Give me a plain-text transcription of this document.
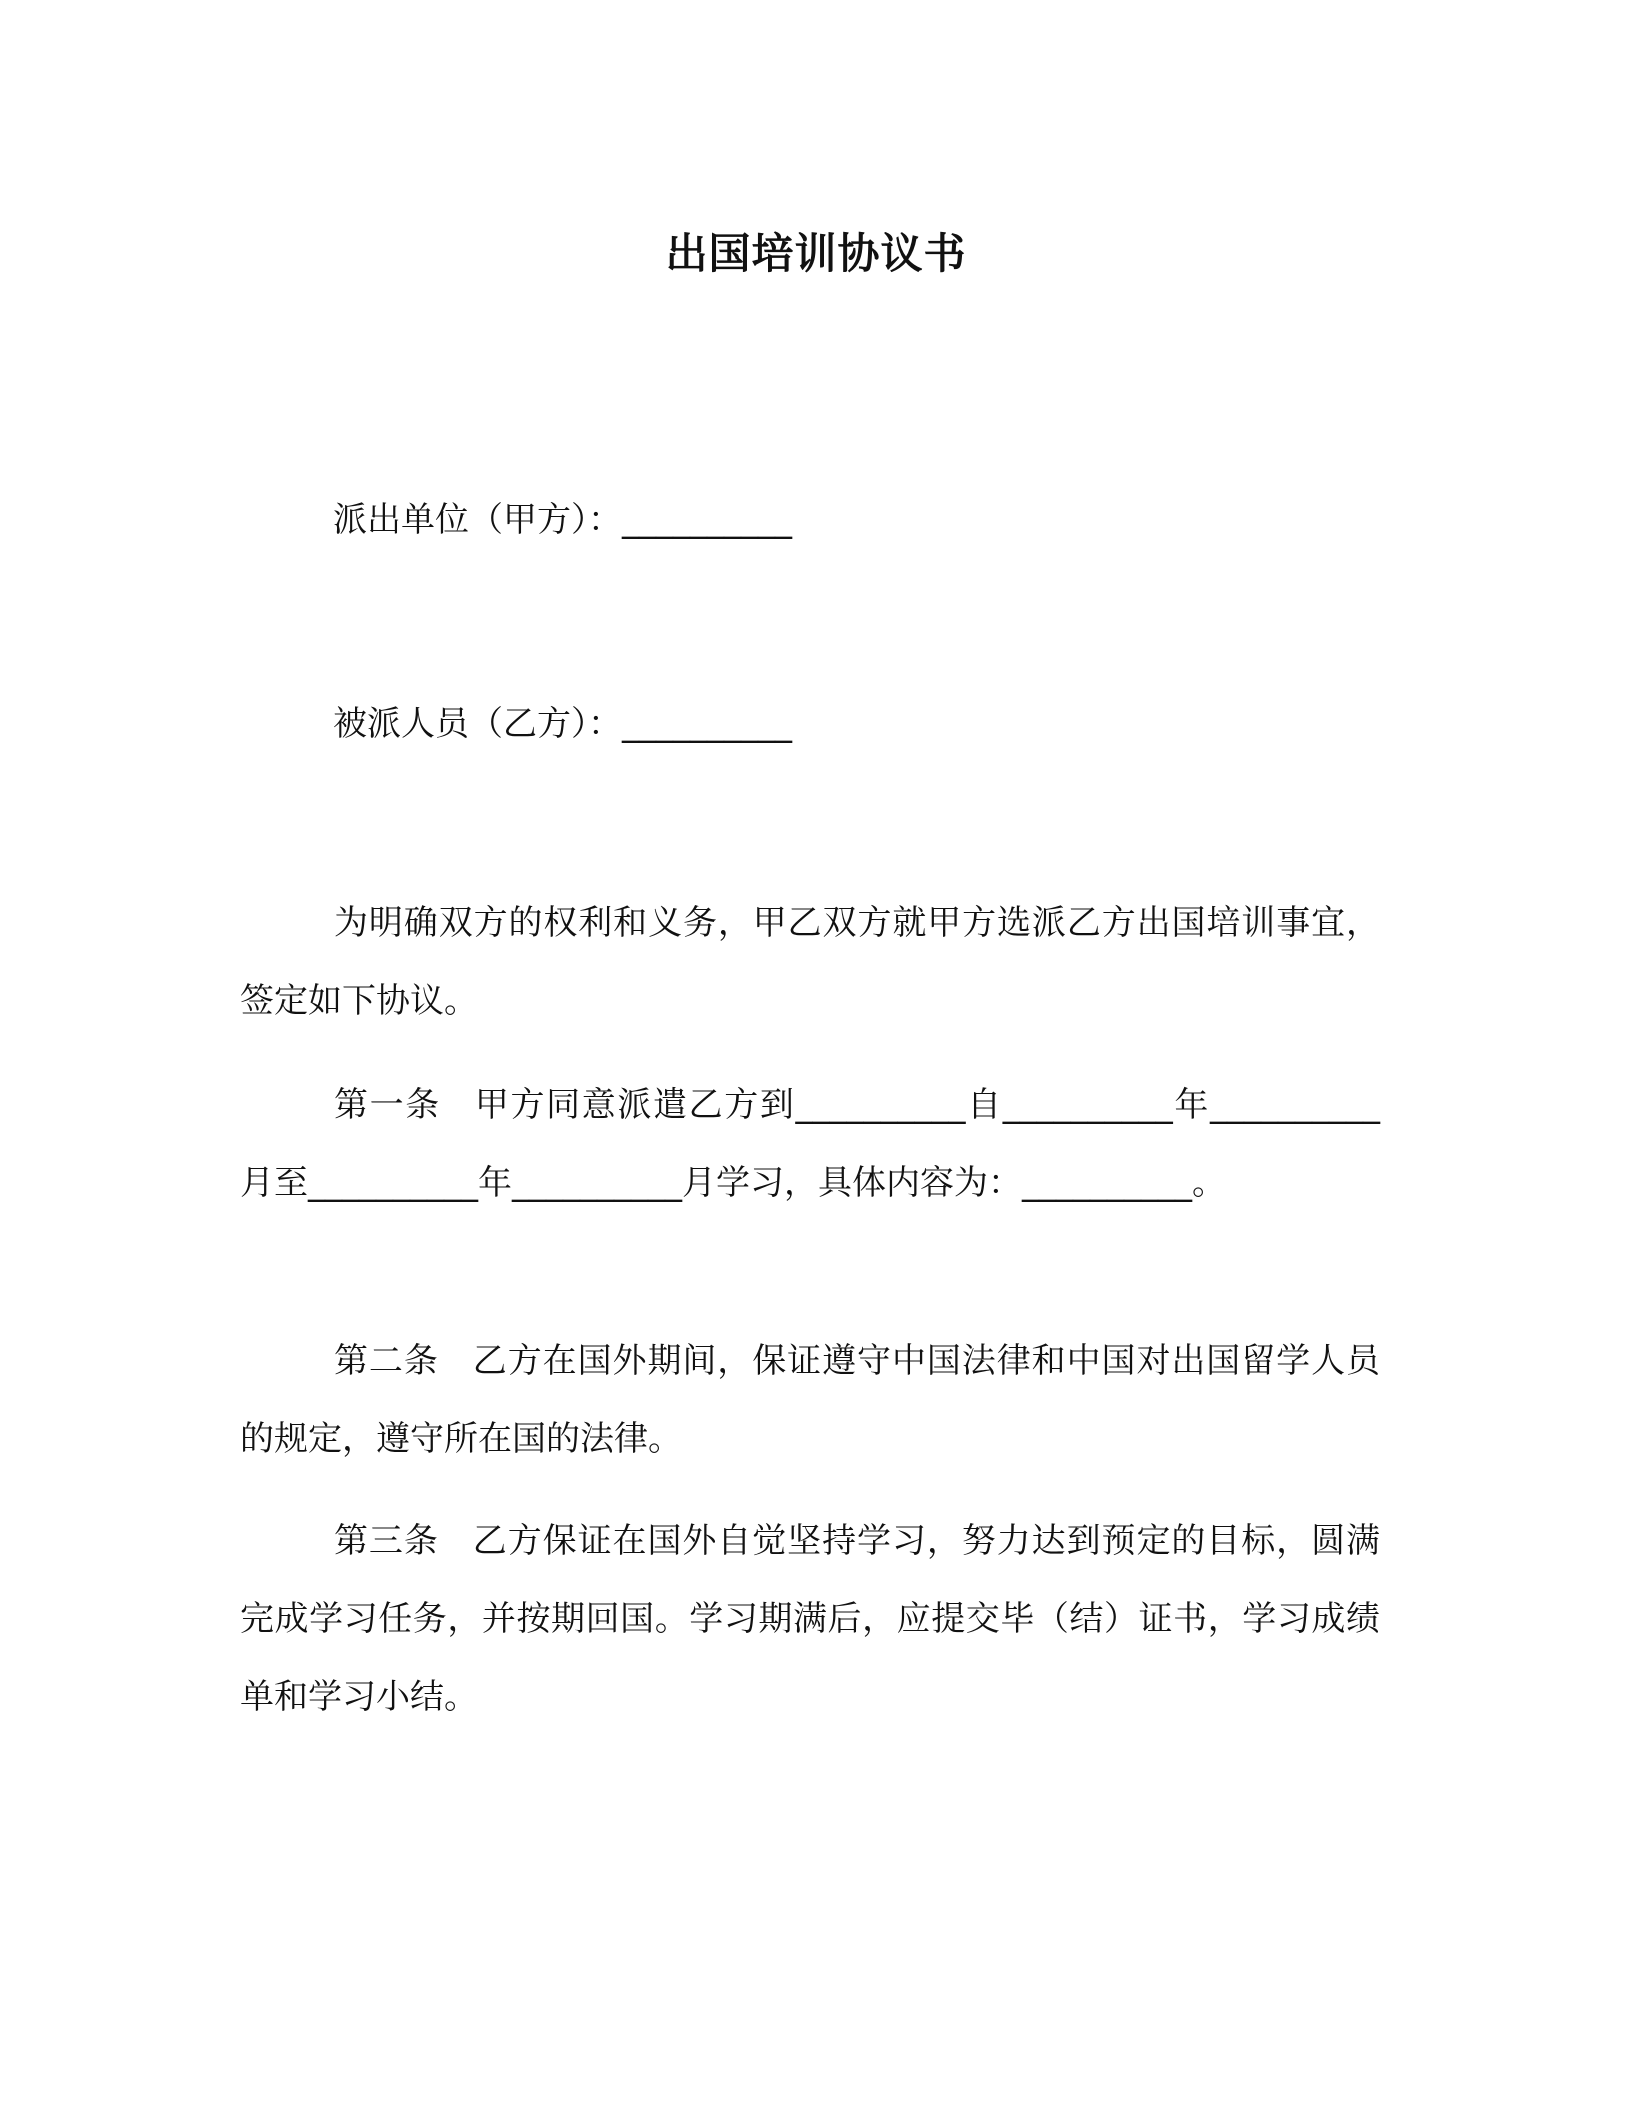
出国培训协议书
派出单位（甲方）：__________
被派人员（乙方）：__________

为明确双方的权利和义务，甲乙双方就甲方选派乙方出国培训事宜，签定如下协议。

第一条 甲方同意派遣乙方到__________自__________年__________月至__________年__________月学习，具体内容为：__________。

第二条 乙方在国外期间，保证遵守中国法律和中国对出国留学人员的规定，遵守所在国的法律。

第三条 乙方保证在国外自觉坚持学习，努力达到预定的目标，圆满完成学习任务，并按期回国。学习期满后，应提交毕（结）证书，学习成绩单和学习小结。
